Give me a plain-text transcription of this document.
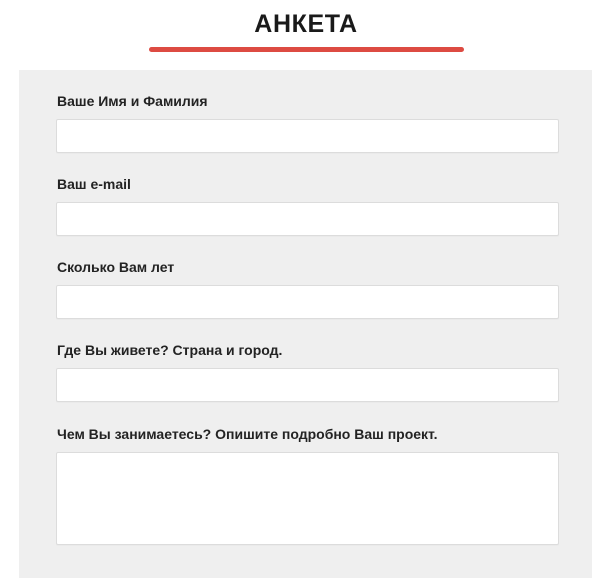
АНКЕТА
Ваше Имя и Фамилия
Ваш e-mail
Сколько Вам лет
Где Вы живете? Страна и город.
Чем Вы занимаетесь? Опишите подробно Ваш проект.
